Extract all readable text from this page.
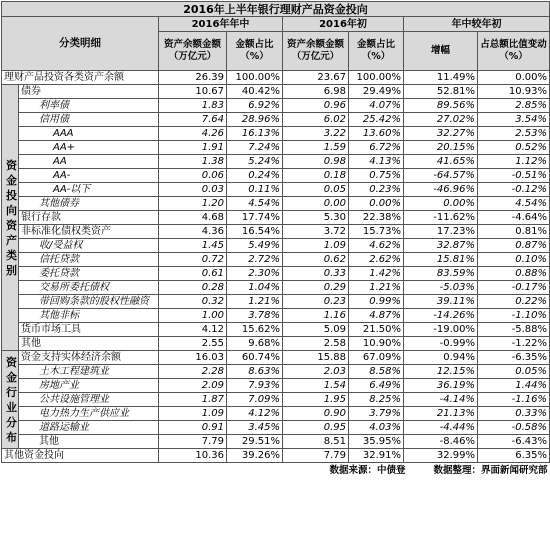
2016年上半年银行理财产品资金投向							
分类明细		2016年年中		2016年初		年中较年初	
		资产余额金额（万亿元）	金额占比（%）	资产余额金额（万亿元）	金额占比（%）	增幅	占总额比值变动（%）
理财产品投资各类资产余额		26.39	100.00%	23.67	100.00%	11.49%	0.00%
资金投向资产类别	债券	10.67	40.42%	6.98	29.49%	52.81%	10.93%
	利率债	1.83	6.92%	0.96	4.07%	89.56%	2.85%
	信用债	7.64	28.96%	6.02	25.42%	27.02%	3.54%
	AAA	4.26	16.13%	3.22	13.60%	32.27%	2.53%
	AA+	1.91	7.24%	1.59	6.72%	20.15%	0.52%
	AA	1.38	5.24%	0.98	4.13%	41.65%	1.12%
	AA-	0.06	0.24%	0.18	0.75%	-64.57%	-0.51%
	AA-以下	0.03	0.11%	0.05	0.23%	-46.96%	-0.12%
	其他债券	1.20	4.54%	0.00	0.00%	0.00%	4.54%
	银行存款	4.68	17.74%	5.30	22.38%	-11.62%	-4.64%
	非标准化债权类资产	4.36	16.54%	3.72	15.73%	17.23%	0.81%
	收/受益权	1.45	5.49%	1.09	4.62%	32.87%	0.87%
	信托贷款	0.72	2.72%	0.62	2.62%	15.81%	0.10%
	委托贷款	0.61	2.30%	0.33	1.42%	83.59%	0.88%
	交易所委托债权	0.28	1.04%	0.29	1.21%	-5.03%	-0.17%
	带回购条款的股权性融资	0.32	1.21%	0.23	0.99%	39.11%	0.22%
	其他非标	1.00	3.78%	1.16	4.87%	-14.26%	-1.10%
	货币市场工具	4.12	15.62%	5.09	21.50%	-19.00%	-5.88%
	其他	2.55	9.68%	2.58	10.90%	-0.99%	-1.22%
资金行业分布	资金支持实体经济余额	16.03	60.74%	15.88	67.09%	0.94%	-6.35%
	土木工程建筑业	2.28	8.63%	2.03	8.58%	12.15%	0.05%
	房地产业	2.09	7.93%	1.54	6.49%	36.19%	1.44%
	公共设施管理业	1.87	7.09%	1.95	8.25%	-4.14%	-1.16%
	电力热力生产供应业	1.09	4.12%	0.90	3.79%	21.13%	0.33%
	道路运输业	0.91	3.45%	0.95	4.03%	-4.44%	-0.58%
	其他	7.79	29.51%	8.51	35.95%	-8.46%	-6.43%
其他资金投向		10.36	39.26%	7.79	32.91%	32.99%	6.35%
数据来源：中债登 数据整理：界面新闻研究部							
